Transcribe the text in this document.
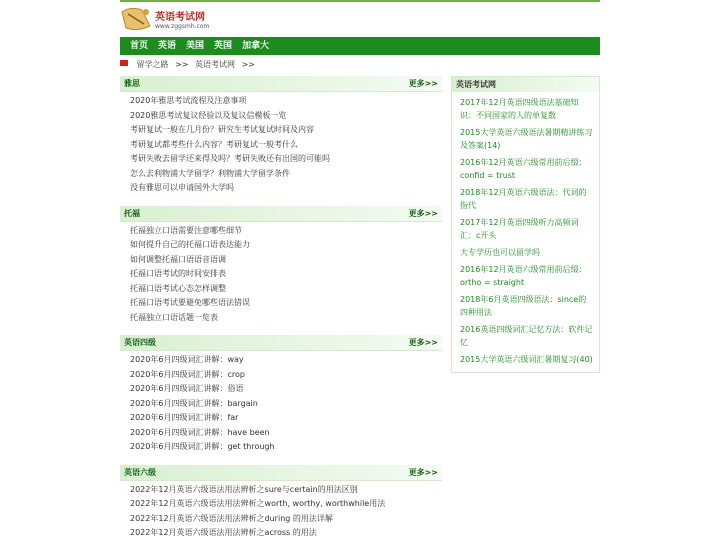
英语考试网
www.zggsmh.com
首页 英语 美国 英国 加拿大
留学之路 >> 英语考试网 >>
雅思	更多>>
2020年雅思考试流程及注意事项
2020雅思考试复议经验以及复议信模板一览
考研复试一般在几月份？研究生考试复试时间及内容
考研复试都考些什么内容？考研复试一般考什么
考研失败去留学还来得及吗？考研失败还有出国的可能吗
怎么去利物浦大学留学？利物浦大学留学条件
没有雅思可以申请国外大学吗
托福	更多>>
托福独立口语需要注意哪些细节
如何提升自己的托福口语表达能力
如何调整托福口语语音语调
托福口语考试的时间安排表
托福口语考试心态怎样调整
托福口语考试要避免哪些语法错误
托福独立口语话题一览表
英语四级	更多>>
2020年6月四级词汇讲解：way
2020年6月四级词汇讲解：crop
2020年6月四级词汇讲解：俗语
2020年6月四级词汇讲解：bargain
2020年6月四级词汇讲解：far
2020年6月四级词汇讲解：have been
2020年6月四级词汇讲解：get through
英语六级	更多>>
2022年12月英语六级语法用法辨析之sure与certain的用法区别
2022年12月英语六级语法用法辨析之worth, worthy, worthwhile用法
2022年12月英语六级语法用法辨析之during 的用法详解
2022年12月英语六级语法用法辨析之across 的用法
英语考试网
2017年12月英语四级语法基础知识：不同国家的人的单复数
2015大学英语六级语法暑期精讲练习及答案(14)
2016年12月英语六级常用前后缀：confid = trust
2018年12月英语六级语法：代词的指代
2017年12月英语四级听力高频词汇：c开头
大专学历也可以留学吗
2016年12月英语六级常用前后缀：ortho = straight
2018年6月英语四级语法：since的四种用法
2016英语四级词汇记忆方法：软件记忆
2015大学英语六级词汇暑期复习(40)
